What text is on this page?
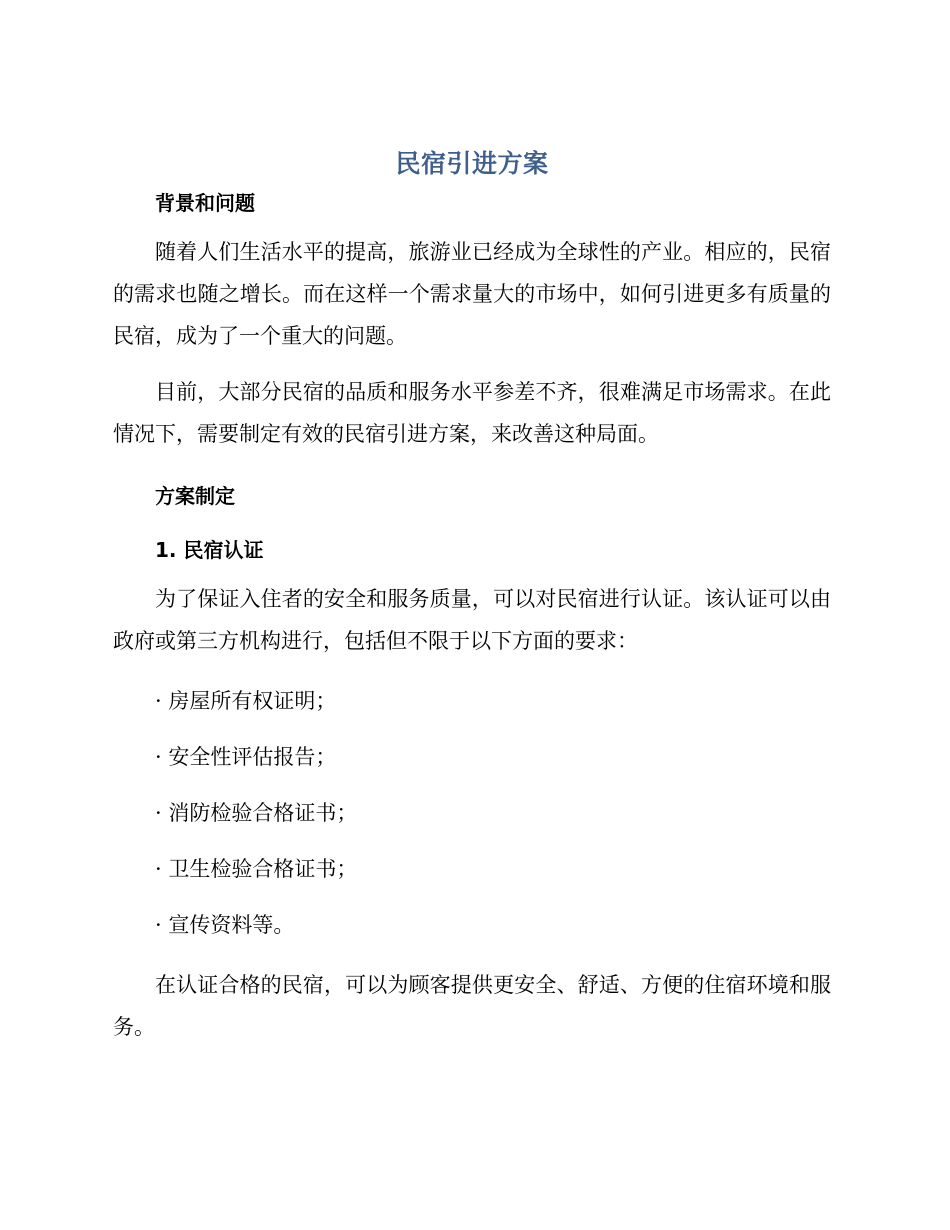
民宿引进方案
背景和问题

随着人们生活水平的提高，旅游业已经成为全球性的产业。相应的，民宿的需求也随之增长。而在这样一个需求量大的市场中，如何引进更多有质量的民宿，成为了一个重大的问题。

目前，大部分民宿的品质和服务水平参差不齐，很难满足市场需求。在此情况下，需要制定有效的民宿引进方案，来改善这种局面。

方案制定
1. 民宿认证

为了保证入住者的安全和服务质量，可以对民宿进行认证。该认证可以由政府或第三方机构进行，包括但不限于以下方面的要求：

· 房屋所有权证明；
· 安全性评估报告；
· 消防检验合格证书；
· 卫生检验合格证书；
· 宣传资料等。

在认证合格的民宿，可以为顾客提供更安全、舒适、方便的住宿环境和服务。
